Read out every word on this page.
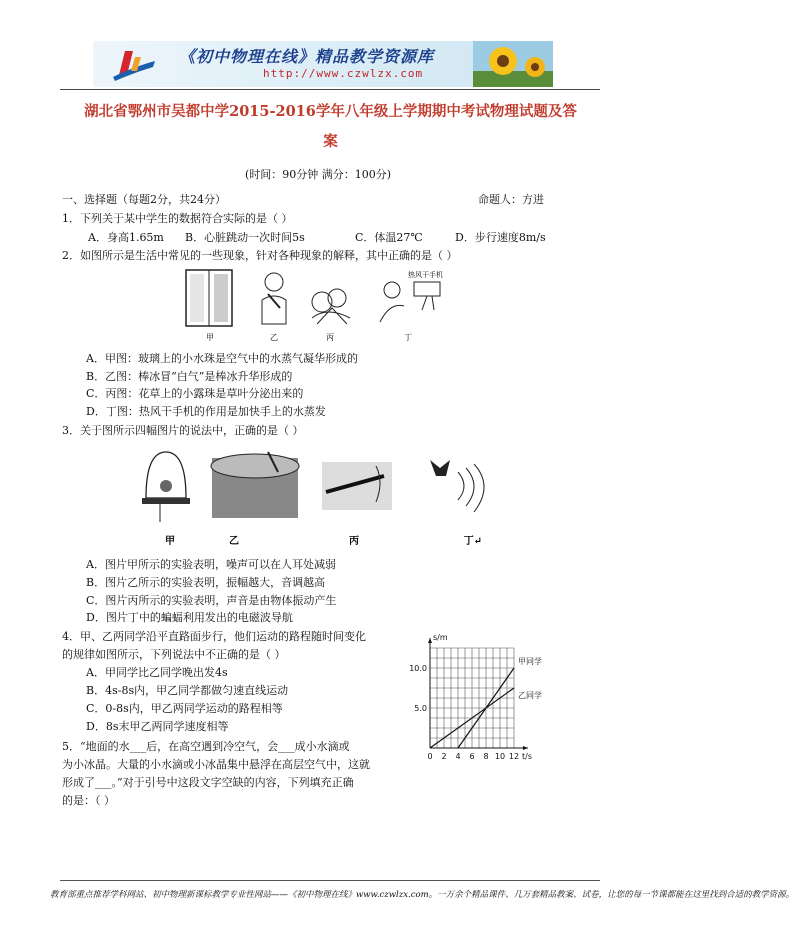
《初中物理在线》精品教学资源库
http://www.czwlzx.com
湖北省鄂州市吴都中学2015-2016学年八年级上学期期中考试物理试题及答
案
(时间：90分钟 满分：100分)
一、选择题（每题2分，共24分）	命题人：方进
1．下列关于某中学生的数据符合实际的是（ ）
A．身高1.65m B．心脏跳动一次时间5s	C．体温27℃	D．步行速度8m/s
2．如图所示是生活中常见的一些现象，针对各种现象的解释，其中正确的是（ ）
热风干手机
甲	乙	丙	丁
A．甲图：玻璃上的小水珠是空气中的水蒸气凝华形成的
B．乙图：棒冰冒“白气”是棒冰升华形成的
C．丙图：花草上的小露珠是草叶分泌出来的
D．丁图：热风干手机的作用是加快手上的水蒸发
3．关于图所示四幅图片的说法中，正确的是（ ）
甲	乙	丙	丁↵
A．图片甲所示的实验表明，噪声可以在人耳处减弱
B．图片乙所示的实验表明，振幅越大，音调越高
C．图片丙所示的实验表明，声音是由物体振动产生
D．图片丁中的蝙蝠利用发出的电磁波导航
4．甲、乙两同学沿平直路面步行，他们运动的路程随时间变化
的规律如图所示，下列说法中不正确的是（ ）
A．甲同学比乙同学晚出发4s
B．4s-8s内，甲乙同学都做匀速直线运动
C．0-8s内，甲乙两同学运动的路程相等
D．8s末甲乙两同学速度相等
0 2 4 6 8 10 12
5.0
10.0
t/s
s/m
甲同学
乙同学
5．“地面的水___后，在高空遇到冷空气，会___成小水滴或
为小冰晶。大量的小水滴或小冰晶集中悬浮在高层空气中，这就
形成了___。”对于引号中这段文字空缺的内容，下列填充正确
的是：（ ）
教育部重点推荐学科网站、初中物理新课标教学专业性网站——《初中物理在线》www.czwlzx.com。一万余个精品课件、几万套精品教案、试卷，让您的每一节课都能在这里找到合适的教学资源。
